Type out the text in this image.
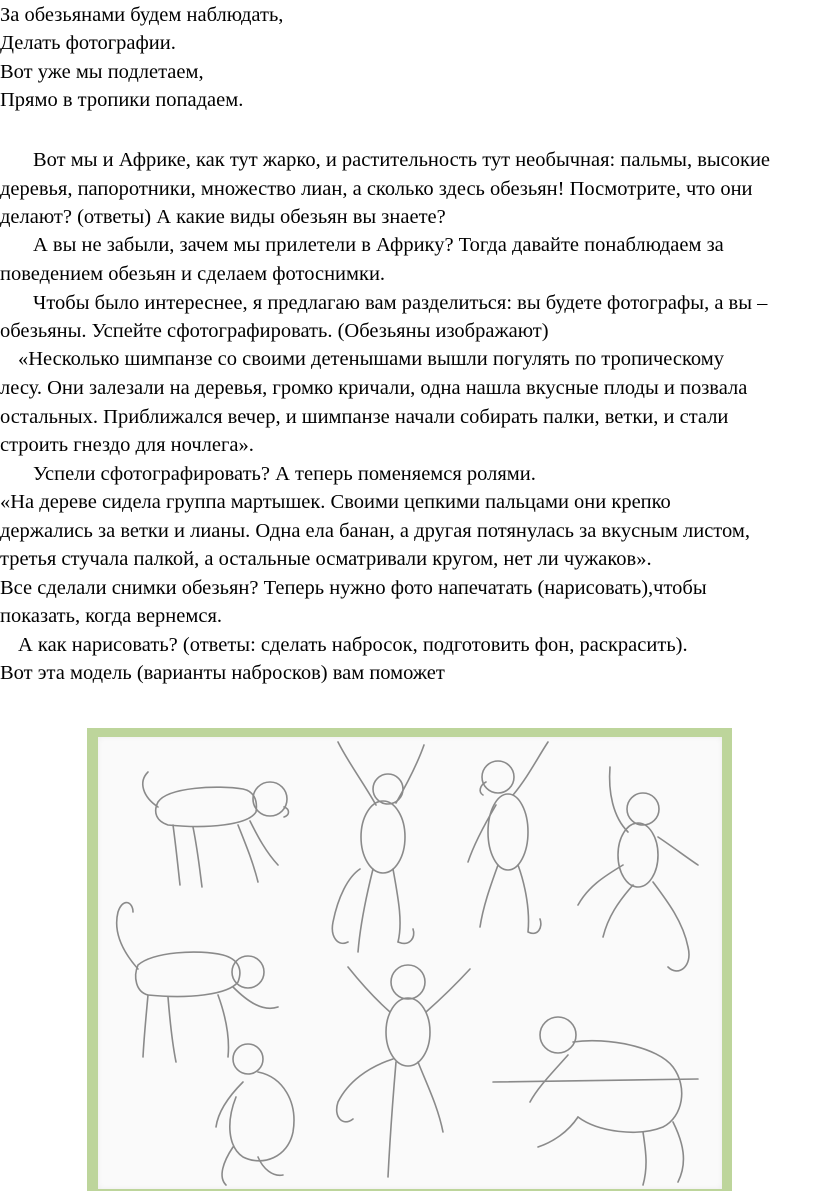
За обезьянами будем наблюдать,
Делать фотографии.
Вот уже мы подлетаем,
Прямо в тропики попадаем.
Вот мы и Африке, как тут жарко, и растительность тут необычная: пальмы, высокие
деревья, папоротники, множество лиан, а сколько здесь обезьян! Посмотрите, что они
делают? (ответы) А какие виды обезьян вы знаете?
А вы не забыли, зачем мы прилетели в Африку? Тогда давайте понаблюдаем за
поведением обезьян и сделаем фотоснимки.
Чтобы было интереснее, я предлагаю вам разделиться: вы будете фотографы, а вы –
обезьяны. Успейте сфотографировать. (Обезьяны изображают)
«Несколько шимпанзе со своими детенышами вышли погулять по тропическому
лесу. Они залезали на деревья, громко кричали, одна нашла вкусные плоды и позвала
остальных. Приближался вечер, и шимпанзе начали собирать палки, ветки, и стали
строить гнездо для ночлега».
Успели сфотографировать? А теперь поменяемся ролями.
«На дереве сидела группа мартышек. Своими цепкими пальцами они крепко
держались за ветки и лианы. Одна ела банан, а другая потянулась за вкусным листом,
третья стучала палкой, а остальные осматривали кругом, нет ли чужаков».
Все сделали снимки обезьян? Теперь нужно фото напечатать (нарисовать),чтобы
показать, когда вернемся.
А как нарисовать? (ответы: сделать набросок, подготовить фон, раскрасить).
Вот эта модель (варианты набросков) вам поможет
